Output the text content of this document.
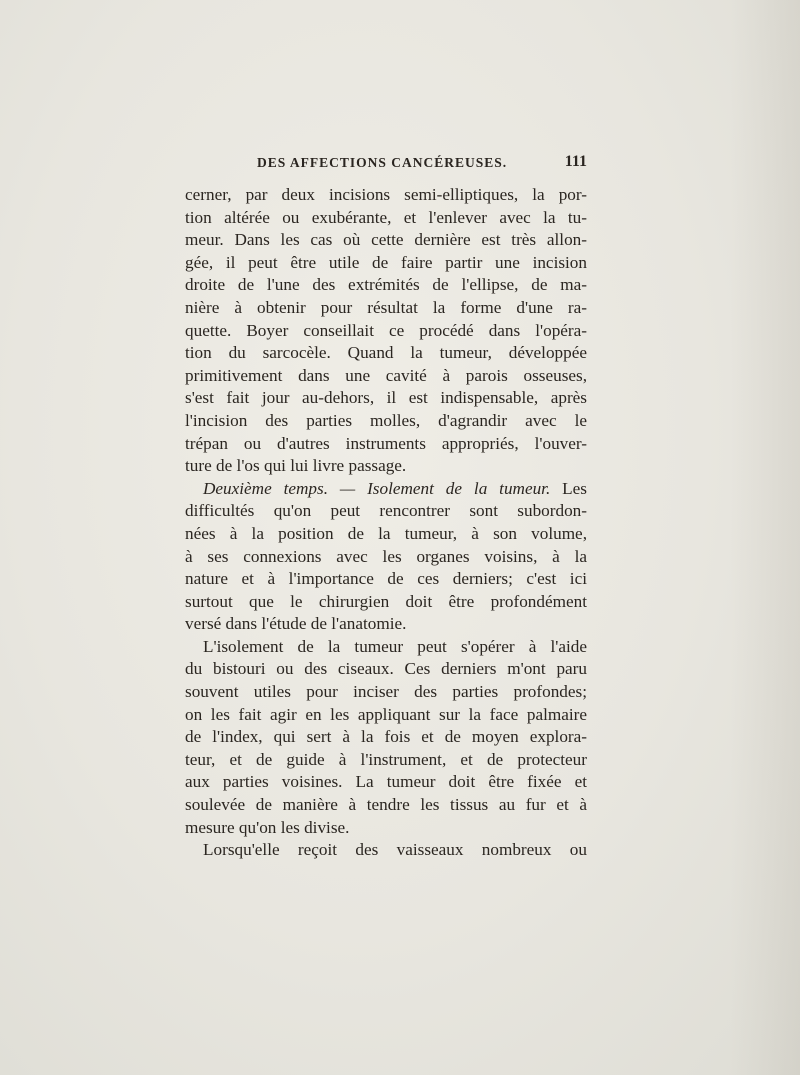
DES AFFECTIONS CANCÉREUSES.	111
cerner, par deux incisions semi-elliptiques, la por-
tion altérée ou exubérante, et l'enlever avec la tu-
meur. Dans les cas où cette dernière est très allon-
gée, il peut être utile de faire partir une incision
droite de l'une des extrémités de l'ellipse, de ma-
nière à obtenir pour résultat la forme d'une ra-
quette. Boyer conseillait ce procédé dans l'opéra-
tion du sarcocèle. Quand la tumeur, développée
primitivement dans une cavité à parois osseuses,
s'est fait jour au-dehors, il est indispensable, après
l'incision des parties molles, d'agrandir avec le
trépan ou d'autres instruments appropriés, l'ouver-
ture de l'os qui lui livre passage.
Deuxième temps. — Isolement de la tumeur. Les
difficultés qu'on peut rencontrer sont subordon-
nées à la position de la tumeur, à son volume,
à ses connexions avec les organes voisins, à la
nature et à l'importance de ces derniers; c'est ici
surtout que le chirurgien doit être profondément
versé dans l'étude de l'anatomie.
L'isolement de la tumeur peut s'opérer à l'aide
du bistouri ou des ciseaux. Ces derniers m'ont paru
souvent utiles pour inciser des parties profondes;
on les fait agir en les appliquant sur la face palmaire
de l'index, qui sert à la fois et de moyen explora-
teur, et de guide à l'instrument, et de protecteur
aux parties voisines. La tumeur doit être fixée et
soulevée de manière à tendre les tissus au fur et à
mesure qu'on les divise.
Lorsqu'elle reçoit des vaisseaux nombreux ou
